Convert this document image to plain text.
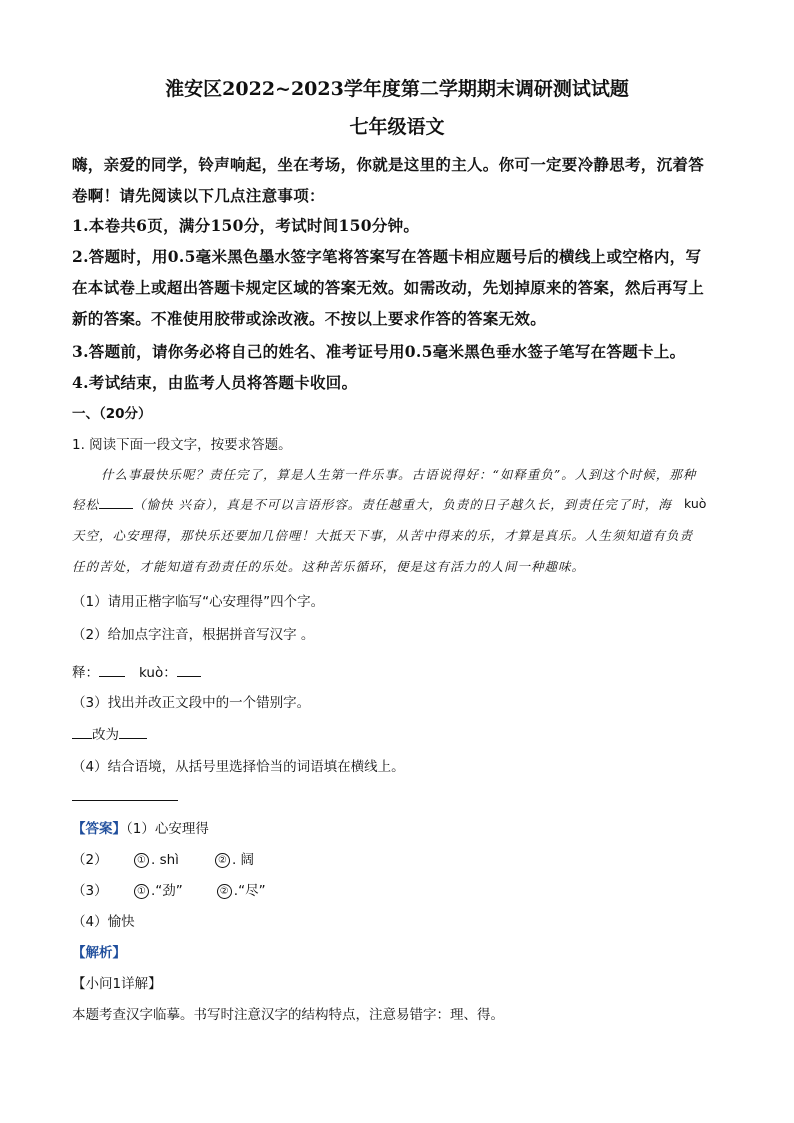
淮安区2022~2023学年度第二学期期末调研测试试题
七年级语文
嗨，亲爱的同学，铃声响起，坐在考场，你就是这里的主人。你可一定要冷静思考，沉着答
卷啊！请先阅读以下几点注意事项：
1.本卷共6页，满分150分，考试时间150分钟。
2.答题时，用0.5毫米黑色墨水签字笔将答案写在答题卡相应题号后的横线上或空格内，写
在本试卷上或超出答题卡规定区域的答案无效。如需改动，先划掉原来的答案，然后再写上
新的答案。不准使用胶带或涂改液。不按以上要求作答的答案无效。
3.答题前，请你务必将自己的姓名、准考证号用0.5毫米黑色垂水签子笔写在答题卡上。
4.考试结束，由监考人员将答题卡收回。
一、（20分）
1. 阅读下面一段文字，按要求答题。
什么事最快乐呢？责任完了，算是人生第一件乐事。古语说得好：“如释重负”。人到这个时候，那种
轻松	（愉快 兴奋），真是不可以言语形容。责任越重大，负责的日子越久长，到责任完了时，海 kuò
天空，心安理得，那快乐还要加几倍哩！大抵天下事，从苦中得来的乐，才算是真乐。人生须知道有负责
任的苦处，才能知道有劲责任的乐处。这种苦乐循环，便是这有活力的人间一种趣味。
（1）请用正楷字临写“心安理得”四个字。
（2）给加点字注音，根据拼音写汉字 。
释：	kuò：
（3）找出并改正文段中的一个错别字。
改为
（4）结合语境，从括号里选择恰当的词语填在横线上。
【答案】（1）心安理得
（2）	① . shì	② . 阔
（3）	① .“劲”	② .“尽”
（4）愉快
【解析】
【小问1详解】
本题考查汉字临摹。书写时注意汉字的结构特点，注意易错字：理、得。
